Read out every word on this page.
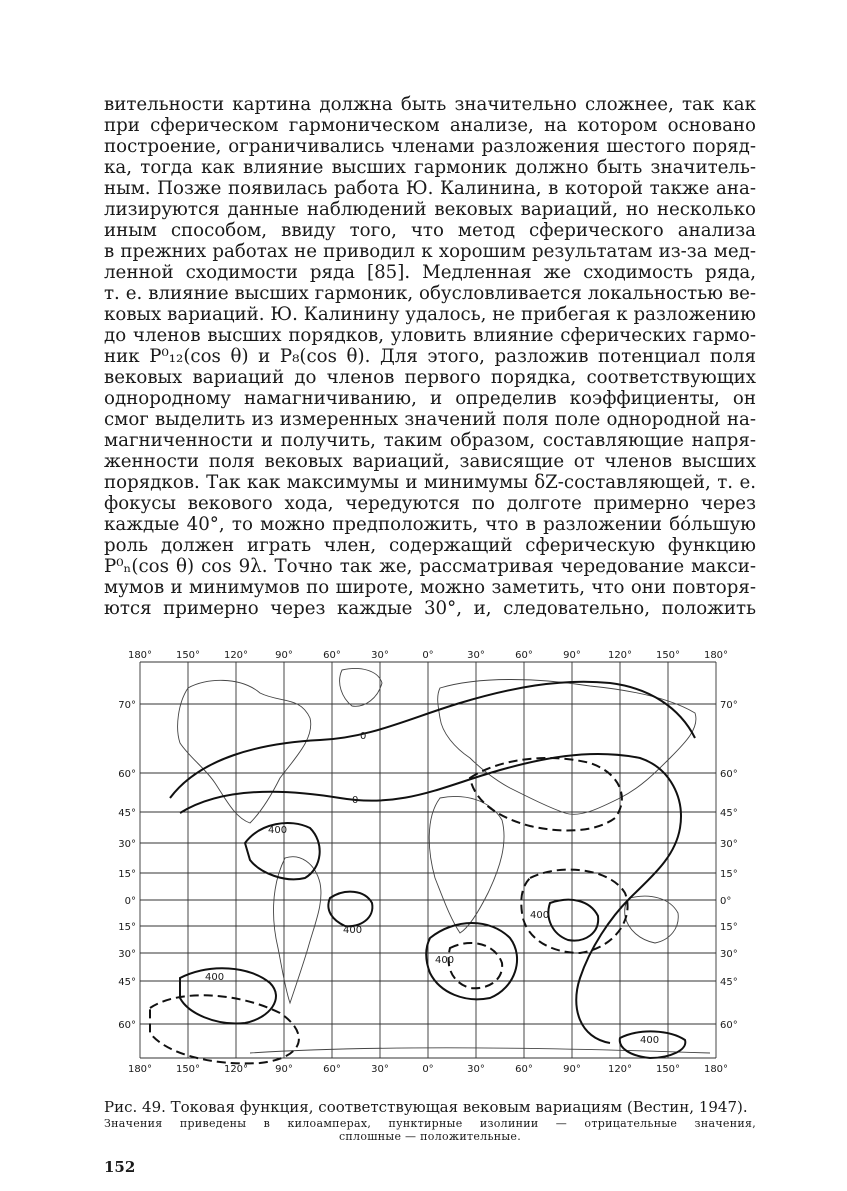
вительности картина должна быть значительно сложнее, так как
при сферическом гармоническом анализе, на котором основано
построение, ограничивались членами разложения шестого поряд-
ка, тогда как влияние высших гармоник должно быть значитель-
ным. Позже появилась работа Ю. Калинина, в которой также ана-
лизируются данные наблюдений вековых вариаций, но несколько
иным способом, ввиду того, что метод сферического анализа
в прежних работах не приводил к хорошим результатам из-за мед-
ленной сходимости ряда [85]. Медленная же сходимость ряда,
т. е. влияние высших гармоник, обусловливается локальностью ве-
ковых вариаций. Ю. Калинину удалось, не прибегая к разложению
до членов высших порядков, уловить влияние сферических гармо-
ник P⁰₁₂(cos θ) и P₈(cos θ). Для этого, разложив потенциал поля
вековых вариаций до членов первого порядка, соответствующих
однородному намагничиванию, и определив коэффициенты, он
смог выделить из измеренных значений поля поле однородной на-
магниченности и получить, таким образом, составляющие напря-
женности поля вековых вариаций, зависящие от членов высших
порядков. Так как максимумы и минимумы δZ-составляющей, т. е.
фокусы векового хода, чередуются по долготе примерно через
каждые 40°, то можно предположить, что в разложении бо́льшую
роль должен играть член, содержащий сферическую функцию
P⁰ₙ(cos θ) cos 9λ. Точно так же, рассматривая чередование макси-
мумов и минимумов по широте, можно заметить, что они повторя-
ются примерно через каждые 30°, и, следовательно, положить
180° 150° 120°	90°	60°	30°	0°	30°	60°	90°	120° 150° 180°
180° 150° 120°	90°	60°	30°	0°	30°	60°	90°	120° 150° 180°
70°
60°
45°
30°
15°
0°
15°
30°
45°
60°
70°
60°
45°
30°
15°
0°
15°
30°
45°
60°
0
0
400
400
400
400
400
400
Рис. 49. Токовая функция, соответствующая вековым вариациям (Вестин, 1947).
Значения приведены в килоамперах, пунктирные изолинии — отрицательные значения,
сплошные — положительные.
152
